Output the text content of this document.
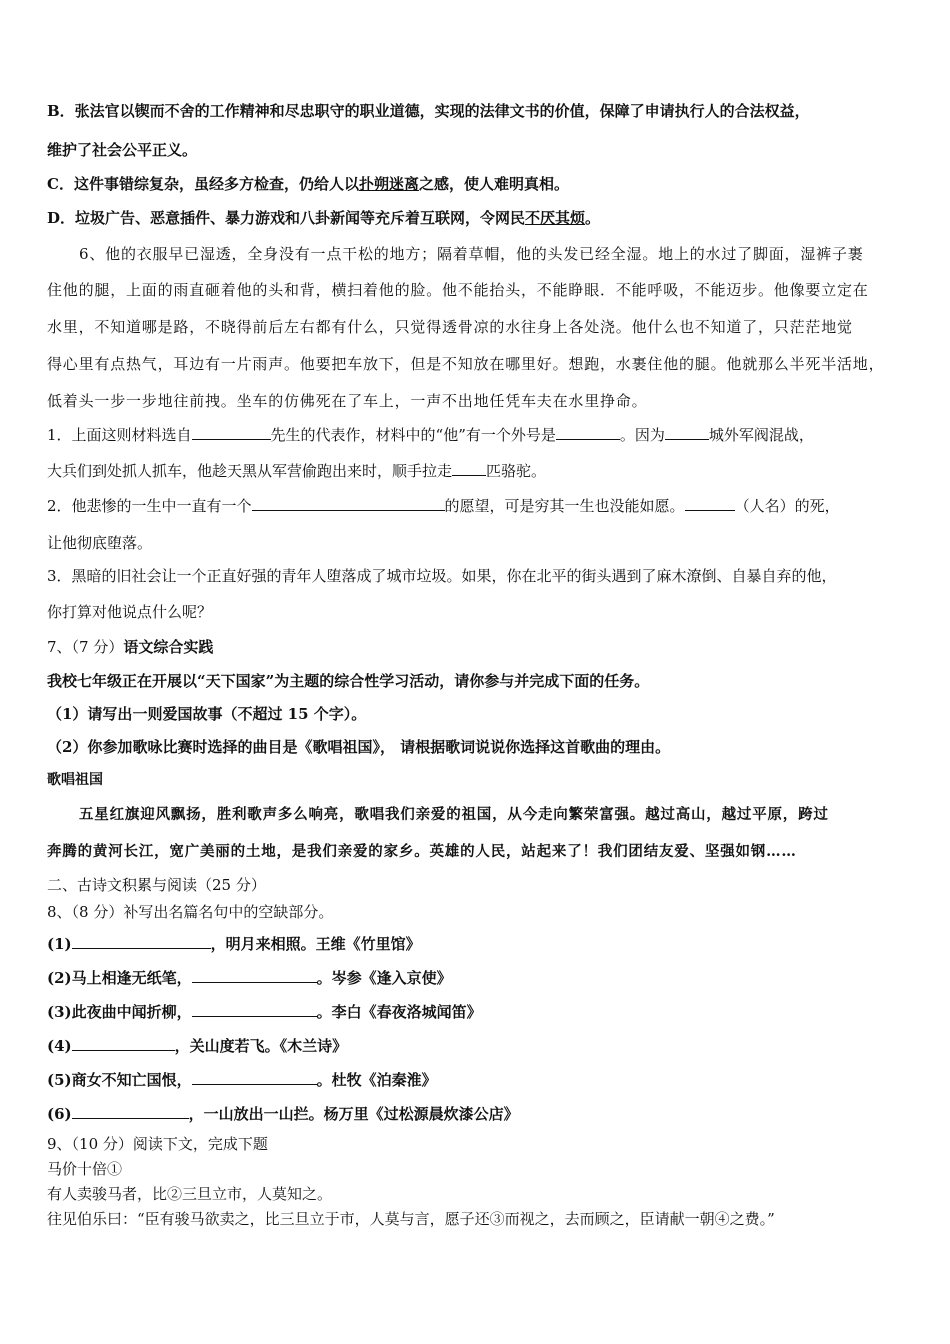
B．张法官以锲而不舍的工作精神和尽忠职守的职业道德，实现的法律文书的价值，保障了申请执行人的合法权益，
维护了社会公平正义。
C．这件事错综复杂，虽经多方检查，仍给人以扑朔迷离之感，使人难明真相。
D．垃圾广告、恶意插件、暴力游戏和八卦新闻等充斥着互联网，令网民不厌其烦。
6、他的衣服早已湿透，全身没有一点干松的地方；隔着草帽，他的头发已经全湿。地上的水过了脚面，湿裤子裹
住他的腿，上面的雨直砸着他的头和背，横扫着他的脸。他不能抬头，不能睁眼．不能呼吸，不能迈步。他像要立定在
水里，不知道哪是路，不晓得前后左右都有什么，只觉得透骨凉的水往身上各处浇。他什么也不知道了，只茫茫地觉
得心里有点热气，耳边有一片雨声。他要把车放下，但是不知放在哪里好。想跑，水裹住他的腿。他就那么半死半活地，
低着头一步一步地往前拽。坐车的仿佛死在了车上，一声不出地任凭车夫在水里挣命。
1．上面这则材料选自	先生的代表作，材料中的“他”有一个外号是	。因为	城外军阀混战，
大兵们到处抓人抓车，他趁天黑从军营偷跑出来时，顺手拉走 匹骆驼。
2．他悲惨的一生中一直有一个	的愿望，可是穷其一生也没能如愿。	（人名）的死，
让他彻底堕落。
3．黑暗的旧社会让一个正直好强的青年人堕落成了城市垃圾。如果，你在北平的街头遇到了麻木潦倒、自暴自弃的他，
你打算对他说点什么呢？
7、（7 分）语文综合实践
我校七年级正在开展以“天下国家”为主题的综合性学习活动，请你参与并完成下面的任务。
（1）请写出一则爱国故事（不超过 15 个字）。
（2）你参加歌咏比赛时选择的曲目是《歌唱祖国》， 请根据歌词说说你选择这首歌曲的理由。
歌唱祖国
五星红旗迎风飘扬，胜利歌声多么响亮，歌唱我们亲爱的祖国，从今走向繁荣富强。越过高山，越过平原，跨过
奔腾的黄河长江，宽广美丽的土地，是我们亲爱的家乡。英雄的人民，站起来了！我们团结友爱、坚强如钢……
二、古诗文积累与阅读（25 分）
8、（8 分）补写出名篇名句中的空缺部分。
(1)	，明月来相照。王维《竹里馆》
(2)马上相逢无纸笔，	。岑参《逢入京使》
(3)此夜曲中闻折柳，	。李白《春夜洛城闻笛》
(4)	，关山度若飞。《木兰诗》
(5)商女不知亡国恨，	。杜牧《泊秦淮》
(6)	，一山放出一山拦。杨万里《过松源晨炊漆公店》
9、（10 分）阅读下文，完成下题
马价十倍①
有人卖骏马者，比②三旦立市，人莫知之。
往见伯乐曰：“臣有骏马欲卖之，比三旦立于市，人莫与言，愿子还③而视之，去而顾之，臣请献一朝④之费。”
